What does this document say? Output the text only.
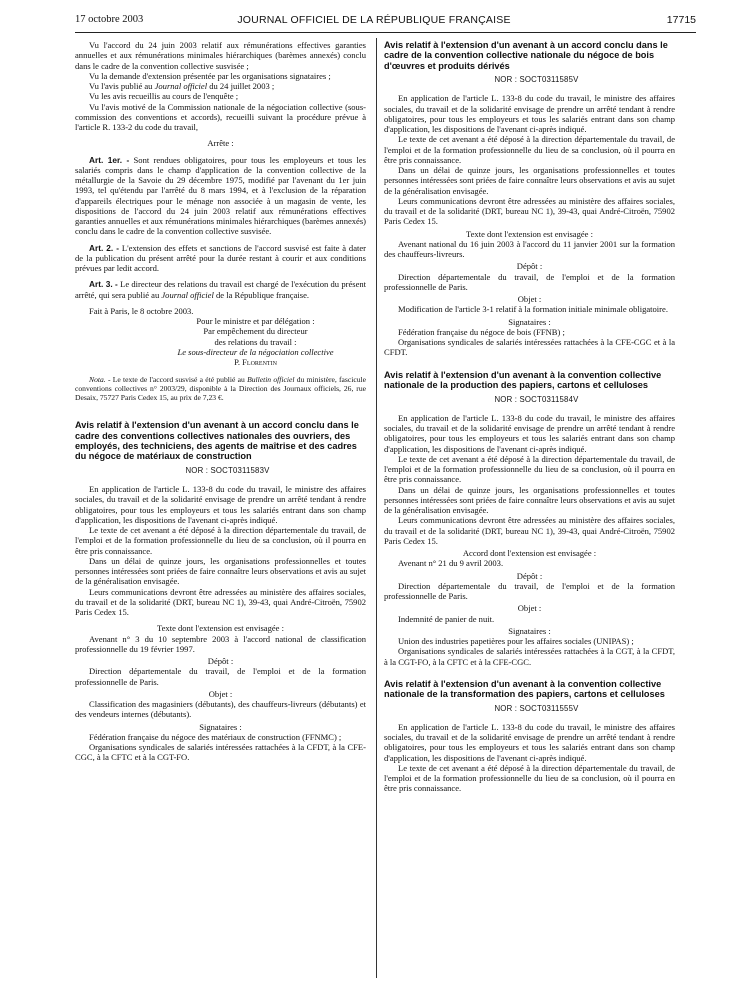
17 octobre 2003	JOURNAL OFFICIEL DE LA RÉPUBLIQUE FRANÇAISE	17715

Vu l'accord du 24 juin 2003 relatif aux rémunérations effectives garanties annuelles et aux rémunérations minimales hiérarchiques (barèmes annexés) conclu dans le cadre de la convention collective susvisée ;

Vu la demande d'extension présentée par les organisations signataires ;

Vu l'avis publié au Journal officiel du 24 juillet 2003 ;

Vu les avis recueillis au cours de l'enquête ;

Vu l'avis motivé de la Commission nationale de la négociation collective (sous-commission des conventions et accords), recueilli suivant la procédure prévue à l'article R. 133-2 du code du travail,

Arrête :

Art. 1er. - Sont rendues obligatoires, pour tous les employeurs et tous les salariés compris dans le champ d'application de la convention collective de la métallurgie de la Savoie du 29 décembre 1975, modifié par l'avenant du 1er juin 1993, tel qu'étendu par l'arrêté du 8 mars 1994, et à l'exclusion de la réparation d'appareils électriques pour le ménage non associée à un magasin de vente, les dispositions de l'accord du 24 juin 2003 relatif aux rémunérations effectives garanties annuelles et aux rémunérations minimales hiérarchiques (barèmes annexés) conclu dans le cadre de la convention collective susvisée.

Art. 2. - L'extension des effets et sanctions de l'accord susvisé est faite à dater de la publication du présent arrêté pour la durée restant à courir et aux conditions prévues par ledit accord.

Art. 3. - Le directeur des relations du travail est chargé de l'exécution du présent arrêté, qui sera publié au Journal officiel de la République française.

Fait à Paris, le 8 octobre 2003.

Pour le ministre et par délégation :

Par empêchement du directeur

des relations du travail :

Le sous-directeur de la négociation collective

P. Florentin

Nota. - Le texte de l'accord susvisé a été publié au Bulletin officiel du ministère, fascicule conventions collectives n° 2003/29, disponible à la Direction des Journaux officiels, 26, rue Desaix, 75727 Paris Cedex 15, au prix de 7,23 €.

Avis relatif à l'extension d'un avenant à un accord conclu dans le cadre des conventions collectives nationales des ouvriers, des employés, des techniciens, des agents de maîtrise et des cadres du négoce de matériaux de construction

NOR : SOCT0311583V

En application de l'article L. 133-8 du code du travail, le ministre des affaires sociales, du travail et de la solidarité envisage de prendre un arrêté tendant à rendre obligatoires, pour tous les employeurs et tous les salariés entrant dans son champ d'application, les dispositions de l'avenant ci-après indiqué.

Le texte de cet avenant a été déposé à la direction départementale du travail, de l'emploi et de la formation professionnelle du lieu de sa conclusion, où il pourra en être pris connaissance.

Dans un délai de quinze jours, les organisations professionnelles et toutes personnes intéressées sont priées de faire connaître leurs observations et avis au sujet de la généralisation envisagée.

Leurs communications devront être adressées au ministère des affaires sociales, du travail et de la solidarité (DRT, bureau NC 1), 39-43, quai André-Citroën, 75902 Paris Cedex 15.

Texte dont l'extension est envisagée :

Avenant n° 3 du 10 septembre 2003 à l'accord national de classification professionnelle du 19 février 1997.

Dépôt :

Direction départementale du travail, de l'emploi et de la formation professionnelle de Paris.

Objet :

Classification des magasiniers (débutants), des chauffeurs-livreurs (débutants) et des vendeurs internes (débutants).

Signataires :

Fédération française du négoce des matériaux de construction (FFNMC) ;

Organisations syndicales de salariés intéressées rattachées à la CFDT, à la CFE-CGC, à la CFTC et à la CGT-FO.

Avis relatif à l'extension d'un avenant à un accord conclu dans le cadre de la convention collective nationale du négoce de bois d'œuvres et produits dérivés

NOR : SOCT0311585V

En application de l'article L. 133-8 du code du travail, le ministre des affaires sociales, du travail et de la solidarité envisage de prendre un arrêté tendant à rendre obligatoires, pour tous les employeurs et tous les salariés entrant dans son champ d'application, les dispositions de l'avenant ci-après indiqué.

Le texte de cet avenant a été déposé à la direction départementale du travail, de l'emploi et de la formation professionnelle du lieu de sa conclusion, où il pourra en être pris connaissance.

Dans un délai de quinze jours, les organisations professionnelles et toutes personnes intéressées sont priées de faire connaître leurs observations et avis au sujet de la généralisation envisagée.

Leurs communications devront être adressées au ministère des affaires sociales, du travail et de la solidarité (DRT, bureau NC 1), 39-43, quai André-Citroën, 75902 Paris Cedex 15.

Texte dont l'extension est envisagée :

Avenant national du 16 juin 2003 à l'accord du 11 janvier 2001 sur la formation des chauffeurs-livreurs.

Dépôt :

Direction départementale du travail, de l'emploi et de la formation professionnelle de Paris.

Objet :

Modification de l'article 3-1 relatif à la formation initiale minimale obligatoire.

Signataires :

Fédération française du négoce de bois (FFNB) ;

Organisations syndicales de salariés intéressées rattachées à la CFE-CGC et à la CFDT.

Avis relatif à l'extension d'un avenant à la convention collective nationale de la production des papiers, cartons et celluloses

NOR : SOCT0311584V

En application de l'article L. 133-8 du code du travail, le ministre des affaires sociales, du travail et de la solidarité envisage de prendre un arrêté tendant à rendre obligatoires, pour tous les employeurs et tous les salariés entrant dans son champ d'application, les dispositions de l'avenant ci-après indiqué.

Le texte de cet avenant a été déposé à la direction départementale du travail, de l'emploi et de la formation professionnelle du lieu de sa conclusion, où il pourra en être pris connaissance.

Dans un délai de quinze jours, les organisations professionnelles et toutes personnes intéressées sont priées de faire connaître leurs observations et avis au sujet de la généralisation envisagée.

Leurs communications devront être adressées au ministère des affaires sociales, du travail et de la solidarité (DRT, bureau NC 1), 39-43, quai André-Citroën, 75902 Paris Cedex 15.

Accord dont l'extension est envisagée :

Avenant n° 21 du 9 avril 2003.

Dépôt :

Direction départementale du travail, de l'emploi et de la formation professionnelle de Paris.

Objet :

Indemnité de panier de nuit.

Signataires :

Union des industries papetières pour les affaires sociales (UNIPAS) ;

Organisations syndicales de salariés intéressées rattachées à la CGT, à la CFDT, à la CGT-FO, à la CFTC et à la CFE-CGC.

Avis relatif à l'extension d'un avenant à la convention collective nationale de la transformation des papiers, cartons et celluloses

NOR : SOCT0311555V

En application de l'article L. 133-8 du code du travail, le ministre des affaires sociales, du travail et de la solidarité envisage de prendre un arrêté tendant à rendre obligatoires, pour tous les employeurs et tous les salariés entrant dans son champ d'application, les dispositions de l'avenant ci-après indiqué.

Le texte de cet avenant a été déposé à la direction départementale du travail, de l'emploi et de la formation professionnelle du lieu de sa conclusion, où il pourra en être pris connaissance.
